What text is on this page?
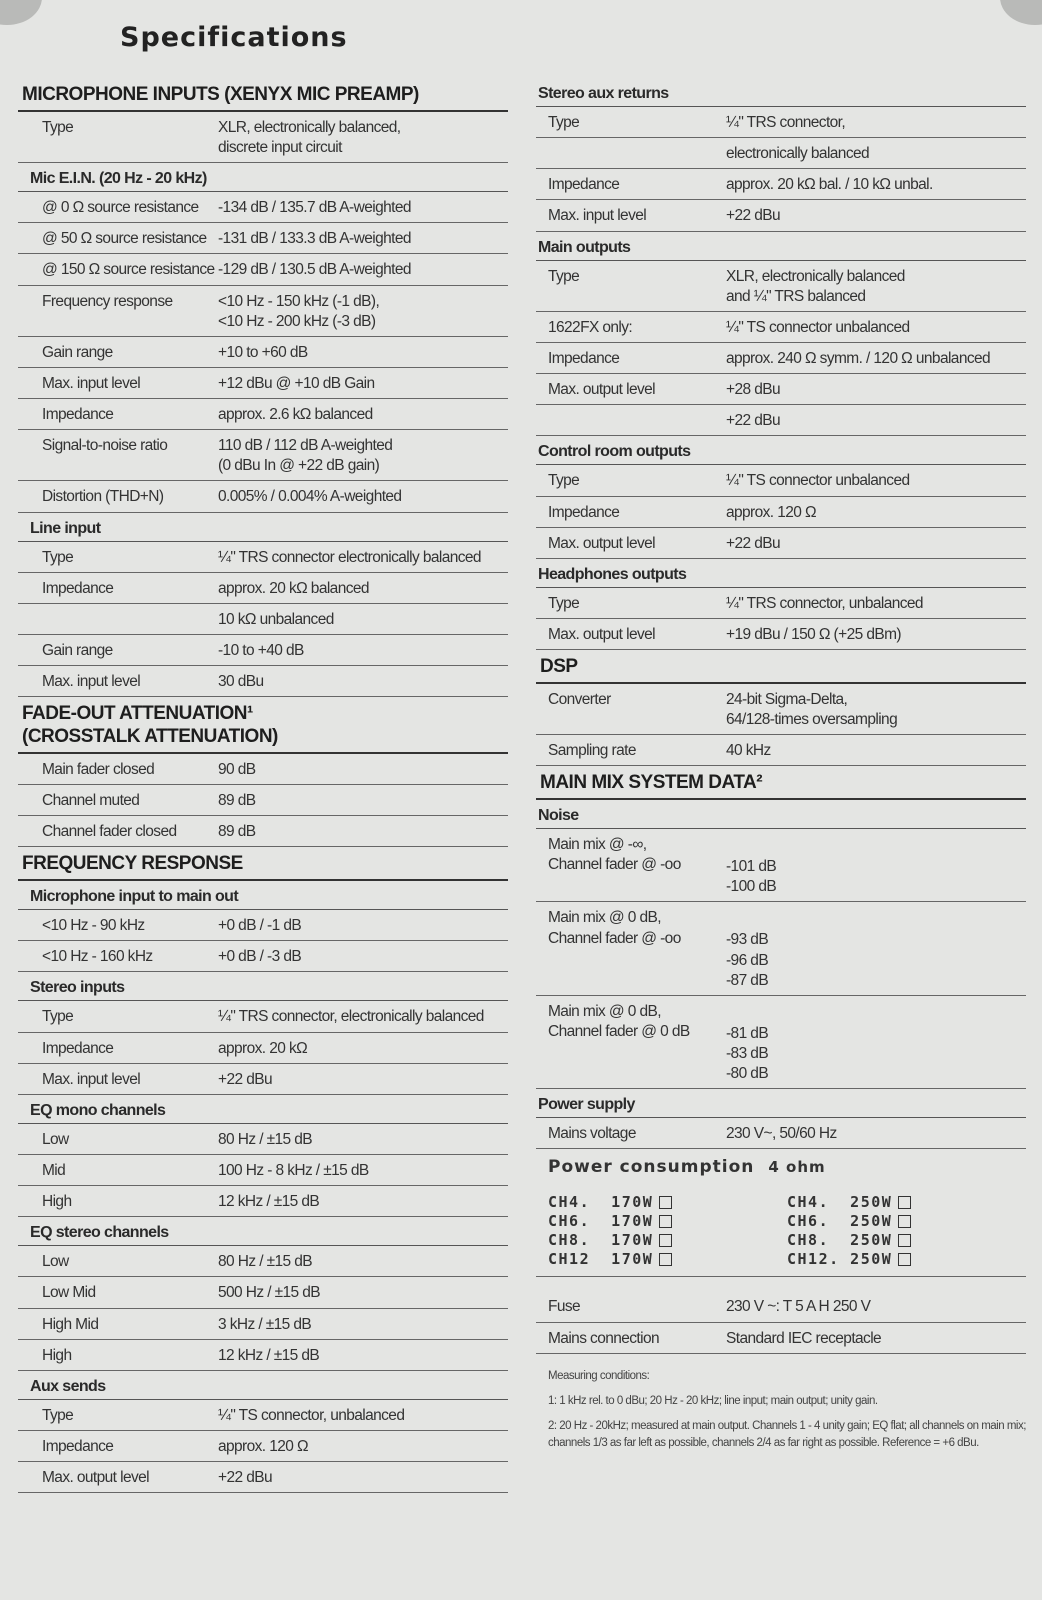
Specifications
MICROPHONE INPUTS (XENYX MIC PREAMP)
Type	XLR, electronically balanced,
discrete input circuit
Mic E.I.N. (20 Hz - 20 kHz)
@ 0 Ω source resistance	-134 dB / 135.7 dB A-weighted
@ 50 Ω source resistance -131 dB / 133.3 dB A-weighted
@ 150 Ω source resistance -129 dB / 130.5 dB A-weighted
Frequency response	<10 Hz - 150 kHz (-1 dB),
<10 Hz - 200 kHz (-3 dB)
Gain range	+10 to +60 dB
Max. input level	+12 dBu @ +10 dB Gain
Impedance	approx. 2.6 kΩ balanced
Signal-to-noise ratio	110 dB / 112 dB A-weighted
(0 dBu In @ +22 dB gain)
Distortion (THD+N)	0.005% / 0.004% A-weighted
Line input
Type	¼" TRS connector electronically balanced
Impedance	approx. 20 kΩ balanced
10 kΩ unbalanced
Gain range	-10 to +40 dB
Max. input level	30 dBu
FADE-OUT ATTENUATION¹
(CROSSTALK ATTENUATION)
Main fader closed	90 dB
Channel muted	89 dB
Channel fader closed	89 dB
FREQUENCY RESPONSE
Microphone input to main out
<10 Hz - 90 kHz	+0 dB / -1 dB
<10 Hz - 160 kHz	+0 dB / -3 dB
Stereo inputs
Type	¼" TRS connector, electronically balanced
Impedance	approx. 20 kΩ
Max. input level	+22 dBu
EQ mono channels
Low	80 Hz / ±15 dB
Mid	100 Hz - 8 kHz / ±15 dB
High	12 kHz / ±15 dB
EQ stereo channels
Low	80 Hz / ±15 dB
Low Mid	500 Hz / ±15 dB
High Mid	3 kHz / ±15 dB
High	12 kHz / ±15 dB
Aux sends
Type	¼" TS connector, unbalanced
Impedance	approx. 120 Ω
Max. output level	+22 dBu
Stereo aux returns
Type	¼" TRS connector,
electronically balanced
Impedance	approx. 20 kΩ bal. / 10 kΩ unbal.
Max. input level	+22 dBu
Main outputs
Type	XLR, electronically balanced
and ¼" TRS balanced
1622FX only:	¼" TS connector unbalanced
Impedance	approx. 240 Ω symm. / 120 Ω unbalanced
Max. output level	+28 dBu
+22 dBu
Control room outputs
Type	¼" TS connector unbalanced
Impedance	approx. 120 Ω
Max. output level	+22 dBu
Headphones outputs
Type	¼" TRS connector, unbalanced
Max. output level	+19 dBu / 150 Ω (+25 dBm)
DSP
Converter	24-bit Sigma-Delta,
64/128-times oversampling
Sampling rate	40 kHz
MAIN MIX SYSTEM DATA²
Noise
Main mix @ -∞,
Channel fader @ -oo	-101 dB
-100 dB
Main mix @ 0 dB,
Channel fader @ -oo	-93 dB
-96 dB
-87 dB
Main mix @ 0 dB,
Channel fader @ 0 dB	-81 dB
-83 dB
-80 dB
Power supply
Mains voltage	230 V~, 50/60 Hz
Power consumption 4 ohm
CH4.  170W	CH4.  250W
CH6.  170W	CH6.  250W
CH8.  170W	CH8.  250W
CH12  170W	CH12. 250W
Fuse	230 V ~: T 5 A H 250 V
Mains connection	Standard IEC receptacle

Measuring conditions:

1: 1 kHz rel. to 0 dBu; 20 Hz - 20 kHz; line input; main output; unity gain.

2: 20 Hz - 20kHz; measured at main output. Channels 1 - 4 unity gain; EQ flat; all channels on main mix; channels 1/3 as far left as possible, channels 2/4 as far right as possible. Reference = +6 dBu.
